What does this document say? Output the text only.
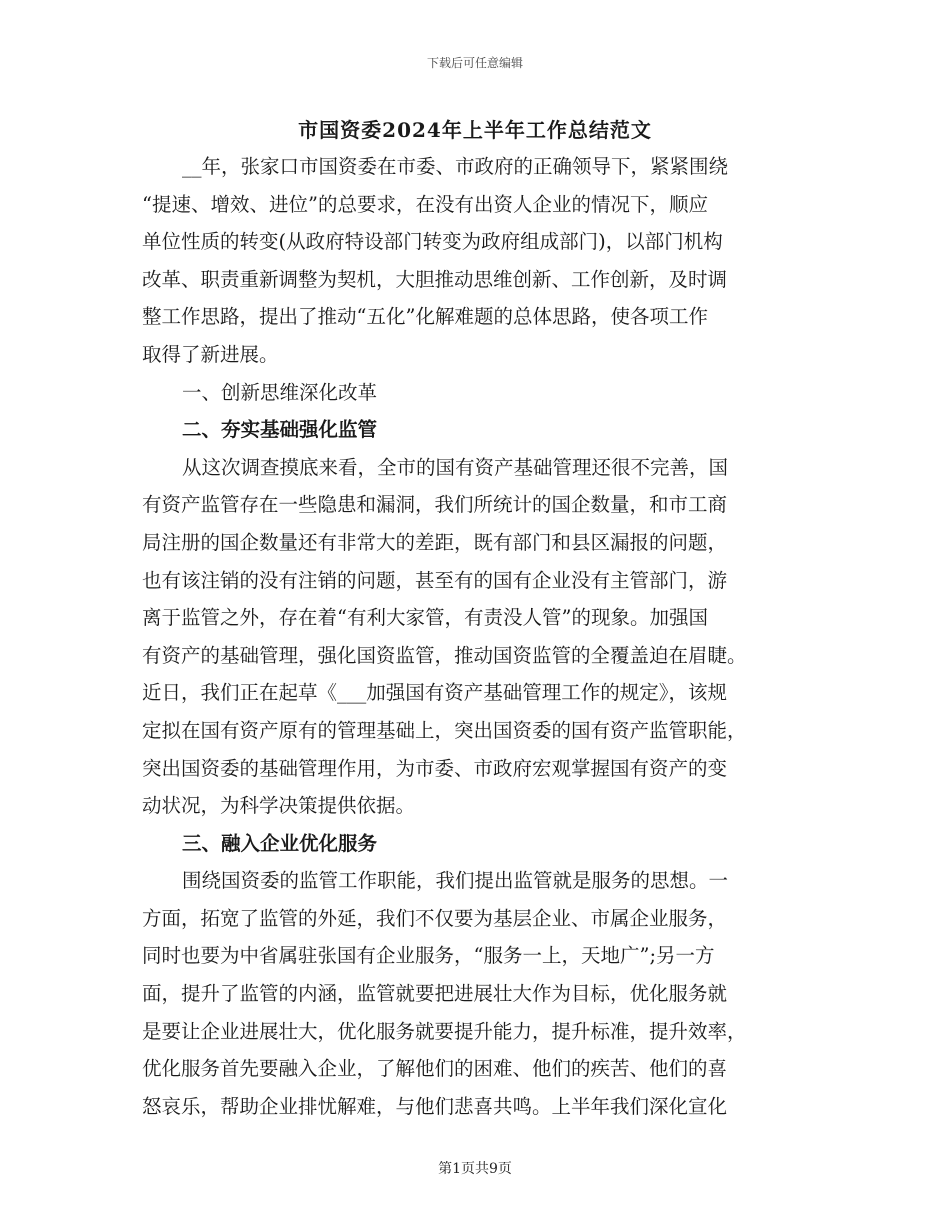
下载后可任意编辑
市国资委2024年上半年工作总结范文
__年，张家口市国资委在市委、市政府的正确领导下，紧紧围绕
“提速、增效、进位”的总要求，在没有出资人企业的情况下，顺应
单位性质的转变(从政府特设部门转变为政府组成部门)，以部门机构
改革、职责重新调整为契机，大胆推动思维创新、工作创新，及时调
整工作思路，提出了推动“五化”化解难题的总体思路，使各项工作
取得了新进展。
一、创新思维深化改革
二、夯实基础强化监管
从这次调查摸底来看，全市的国有资产基础管理还很不完善，国
有资产监管存在一些隐患和漏洞，我们所统计的国企数量，和市工商
局注册的国企数量还有非常大的差距，既有部门和县区漏报的问题，
也有该注销的没有注销的问题，甚至有的国有企业没有主管部门，游
离于监管之外，存在着“有利大家管，有责没人管”的现象。加强国
有资产的基础管理，强化国资监管，推动国资监管的全覆盖迫在眉睫。
近日，我们正在起草《___加强国有资产基础管理工作的规定》，该规
定拟在国有资产原有的管理基础上，突出国资委的国有资产监管职能，
突出国资委的基础管理作用，为市委、市政府宏观掌握国有资产的变
动状况，为科学决策提供依据。
三、融入企业优化服务
围绕国资委的监管工作职能，我们提出监管就是服务的思想。一
方面，拓宽了监管的外延，我们不仅要为基层企业、市属企业服务，
同时也要为中省属驻张国有企业服务，“服务一上，天地广”;另一方
面，提升了监管的内涵，监管就要把进展壮大作为目标，优化服务就
是要让企业进展壮大，优化服务就要提升能力，提升标准，提升效率，
优化服务首先要融入企业，了解他们的困难、他们的疾苦、他们的喜
怒哀乐，帮助企业排忧解难，与他们悲喜共鸣。上半年我们深化宣化
第1页共9页
